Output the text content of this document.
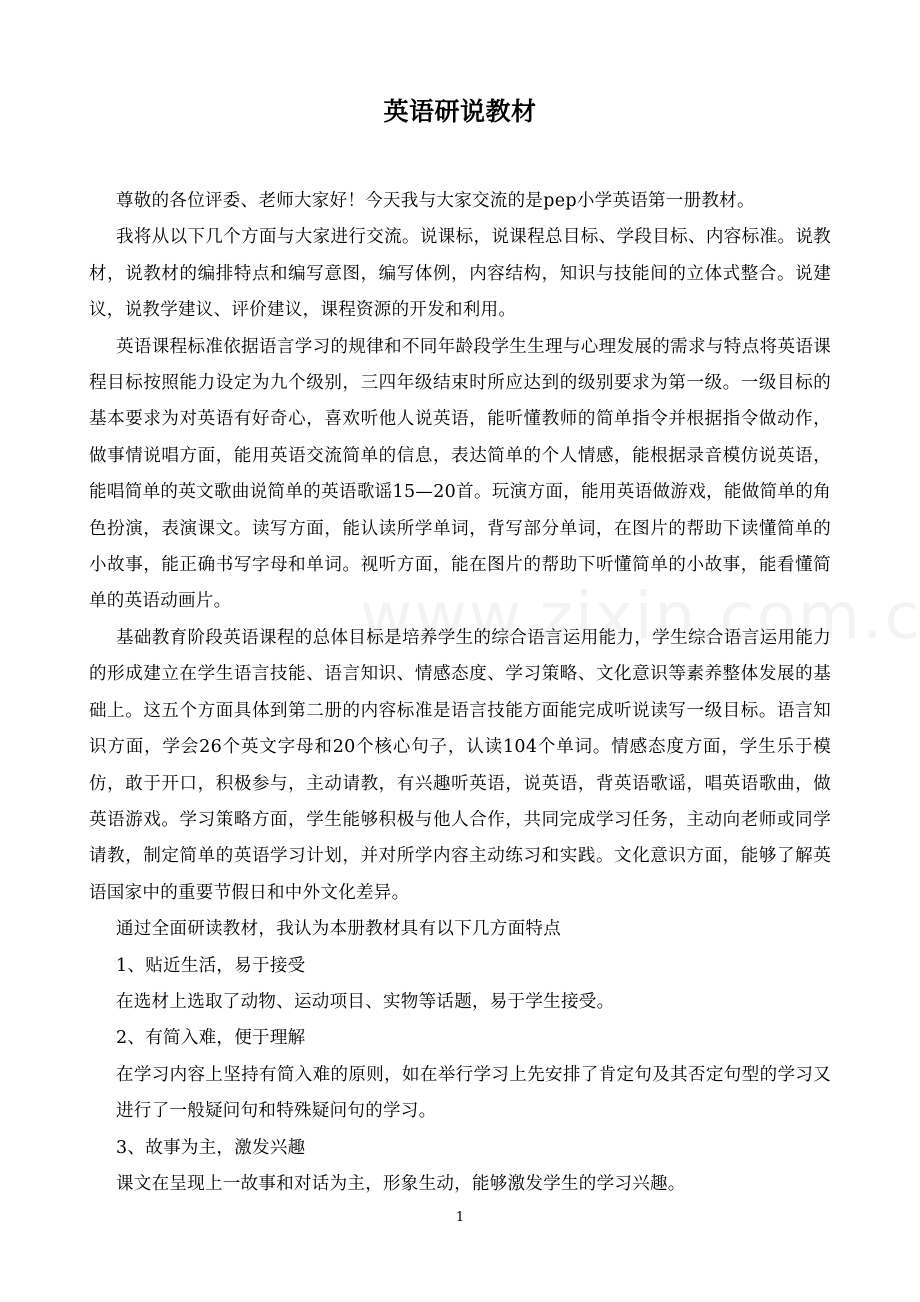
英语研说教材

尊敬的各位评委、老师大家好！今天我与大家交流的是pep小学英语第一册教材。

我将从以下几个方面与大家进行交流。说课标，说课程总目标、学段目标、内容标准。说教材，说教材的编排特点和编写意图，编写体例，内容结构，知识与技能间的立体式整合。说建议，说教学建议、评价建议，课程资源的开发和利用。

英语课程标准依据语言学习的规律和不同年龄段学生生理与心理发展的需求与特点将英语课程目标按照能力设定为九个级别，三四年级结束时所应达到的级别要求为第一级。一级目标的基本要求为对英语有好奇心，喜欢听他人说英语，能听懂教师的简单指令并根据指令做动作，做事情说唱方面，能用英语交流简单的信息，表达简单的个人情感，能根据录音模仿说英语，能唱简单的英文歌曲说简单的英语歌谣15—20首。玩演方面，能用英语做游戏，能做简单的角色扮演，表演课文。读写方面，能认读所学单词，背写部分单词，在图片的帮助下读懂简单的小故事，能正确书写字母和单词。视听方面，能在图片的帮助下听懂简单的小故事，能看懂简单的英语动画片。

基础教育阶段英语课程的总体目标是培养学生的综合语言运用能力，学生综合语言运用能力的形成建立在学生语言技能、语言知识、情感态度、学习策略、文化意识等素养整体发展的基础上。这五个方面具体到第二册的内容标准是语言技能方面能完成听说读写一级目标。语言知识方面，学会26个英文字母和20个核心句子，认读104个单词。情感态度方面，学生乐于模仿，敢于开口，积极参与，主动请教，有兴趣听英语，说英语，背英语歌谣，唱英语歌曲，做英语游戏。学习策略方面，学生能够积极与他人合作，共同完成学习任务，主动向老师或同学请教，制定简单的英语学习计划，并对所学内容主动练习和实践。文化意识方面，能够了解英语国家中的重要节假日和中外文化差异。

通过全面研读教材，我认为本册教材具有以下几方面特点

1、贴近生活，易于接受

在选材上选取了动物、运动项目、实物等话题，易于学生接受。

2、有简入难，便于理解

在学习内容上坚持有简入难的原则，如在举行学习上先安排了肯定句及其否定句型的学习又进行了一般疑问句和特殊疑问句的学习。

3、故事为主，激发兴趣

课文在呈现上一故事和对话为主，形象生动，能够激发学生的学习兴趣。

1
